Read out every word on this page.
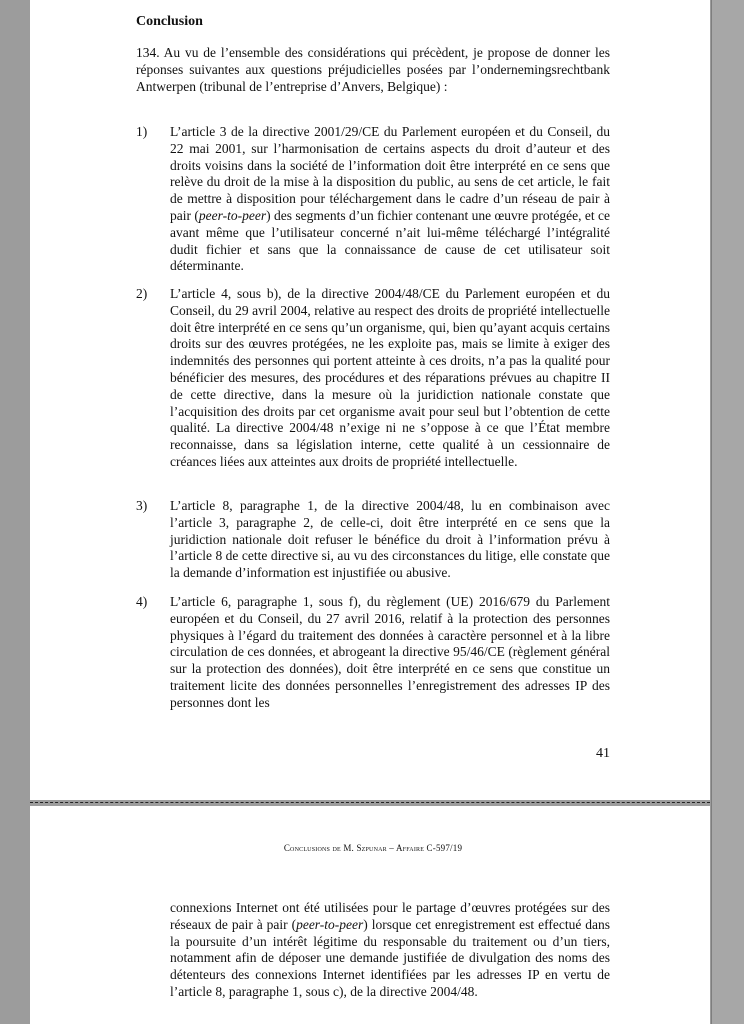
Conclusion
134. Au vu de l’ensemble des considérations qui précèdent, je propose de donner les réponses suivantes aux questions préjudicielles posées par l’ondernemingsrechtbank Antwerpen (tribunal de l’entreprise d’Anvers, Belgique) :
1) L’article 3 de la directive 2001/29/CE du Parlement européen et du Conseil, du 22 mai 2001, sur l’harmonisation de certains aspects du droit d’auteur et des droits voisins dans la société de l’information doit être interprété en ce sens que relève du droit de la mise à la disposition du public, au sens de cet article, le fait de mettre à disposition pour téléchargement dans le cadre d’un réseau de pair à pair (peer-to-peer) des segments d’un fichier contenant une œuvre protégée, et ce avant même que l’utilisateur concerné n’ait lui-même téléchargé l’intégralité dudit fichier et sans que la connaissance de cause de cet utilisateur soit déterminante.
2) L’article 4, sous b), de la directive 2004/48/CE du Parlement européen et du Conseil, du 29 avril 2004, relative au respect des droits de propriété intellectuelle doit être interprété en ce sens qu’un organisme, qui, bien qu’ayant acquis certains droits sur des œuvres protégées, ne les exploite pas, mais se limite à exiger des indemnités des personnes qui portent atteinte à ces droits, n’a pas la qualité pour bénéficier des mesures, des procédures et des réparations prévues au chapitre II de cette directive, dans la mesure où la juridiction nationale constate que l’acquisition des droits par cet organisme avait pour seul but l’obtention de cette qualité. La directive 2004/48 n’exige ni ne s’oppose à ce que l’État membre reconnaisse, dans sa législation interne, cette qualité à un cessionnaire de créances liées aux atteintes aux droits de propriété intellectuelle.
3) L’article 8, paragraphe 1, de la directive 2004/48, lu en combinaison avec l’article 3, paragraphe 2, de celle-ci, doit être interprété en ce sens que la juridiction nationale doit refuser le bénéfice du droit à l’information prévu à l’article 8 de cette directive si, au vu des circonstances du litige, elle constate que la demande d’information est injustifiée ou abusive.
4) L’article 6, paragraphe 1, sous f), du règlement (UE) 2016/679 du Parlement européen et du Conseil, du 27 avril 2016, relatif à la protection des personnes physiques à l’égard du traitement des données à caractère personnel et à la libre circulation de ces données, et abrogeant la directive 95/46/CE (règlement général sur la protection des données), doit être interprété en ce sens que constitue un traitement licite des données personnelles l’enregistrement des adresses IP des personnes dont les
41
Conclusions de M. Szpunar – Affaire C-597/19
connexions Internet ont été utilisées pour le partage d’œuvres protégées sur des réseaux de pair à pair (peer-to-peer) lorsque cet enregistrement est effectué dans la poursuite d’un intérêt légitime du responsable du traitement ou d’un tiers, notamment afin de déposer une demande justifiée de divulgation des noms des détenteurs des connexions Internet identifiées par les adresses IP en vertu de l’article 8, paragraphe 1, sous c), de la directive 2004/48.
